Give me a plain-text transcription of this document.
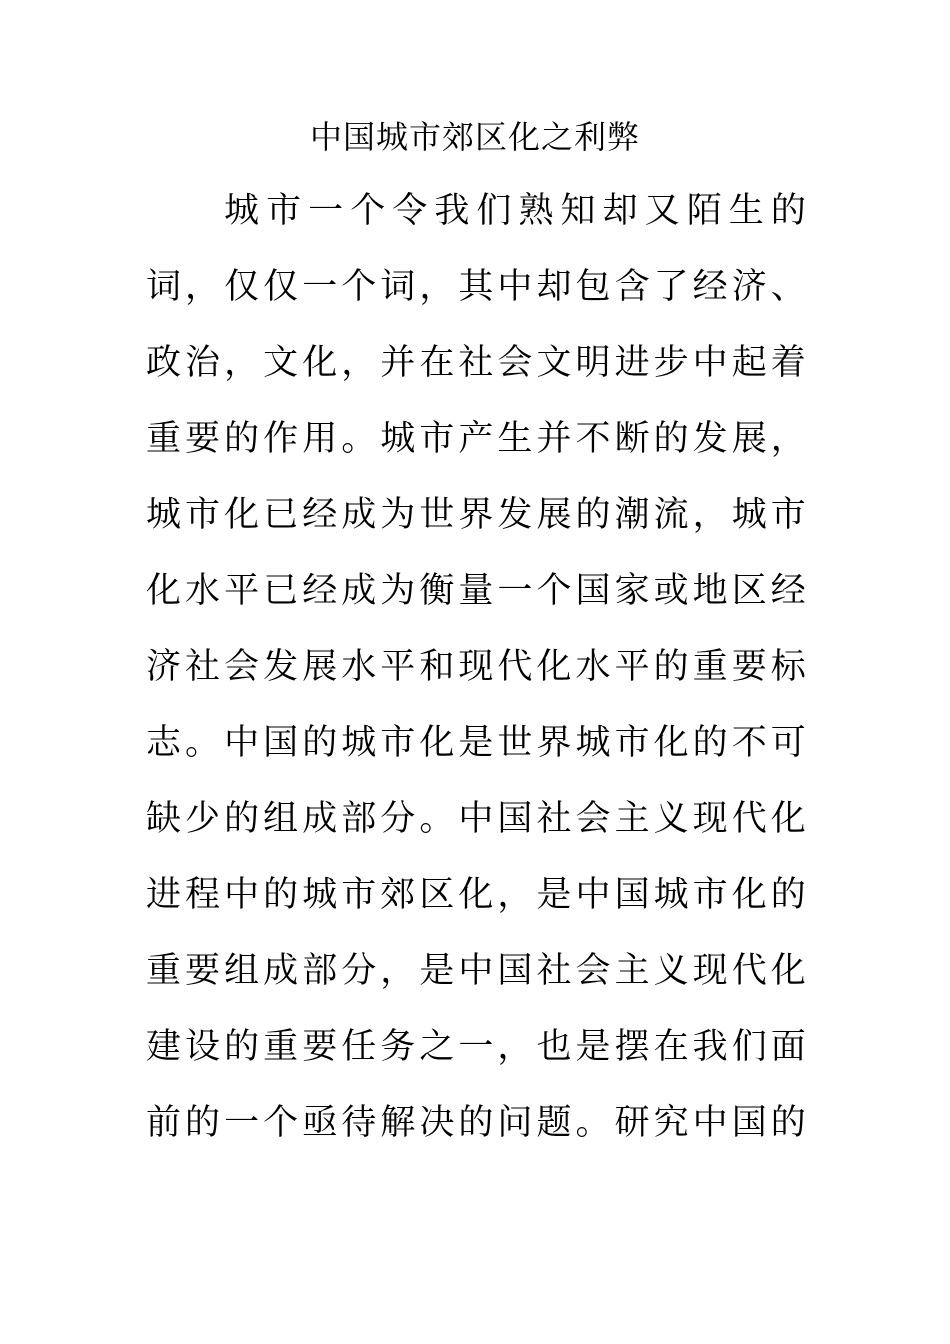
中国城市郊区化之利弊
城 市 一 个 令 我 们 熟 知 却 又 陌 生 的
词 ， 仅 仅 一 个 词 ， 其 中 却 包 含 了 经 济 、
政 治 ， 文 化 ， 并 在 社 会 文 明 进 步 中 起 着
重 要 的 作 用 。 城 市 产 生 并 不 断 的 发 展 ，
城 市 化 已 经 成 为 世 界 发 展 的 潮 流 ， 城 市
化 水 平 已 经 成 为 衡 量 一 个 国 家 或 地 区 经
济 社 会 发 展 水 平 和 现 代 化 水 平 的 重 要 标
志 。 中 国 的 城 市 化 是 世 界 城 市 化 的 不 可
缺 少 的 组 成 部 分 。 中 国 社 会 主 义 现 代 化
进 程 中 的 城 市 郊 区 化 ， 是 中 国 城 市 化 的
重 要 组 成 部 分 ， 是 中 国 社 会 主 义 现 代 化
建 设 的 重 要 任 务 之 一 ， 也 是 摆 在 我 们 面
前 的 一 个 亟 待 解 决 的 问 题 。 研 究 中 国 的
